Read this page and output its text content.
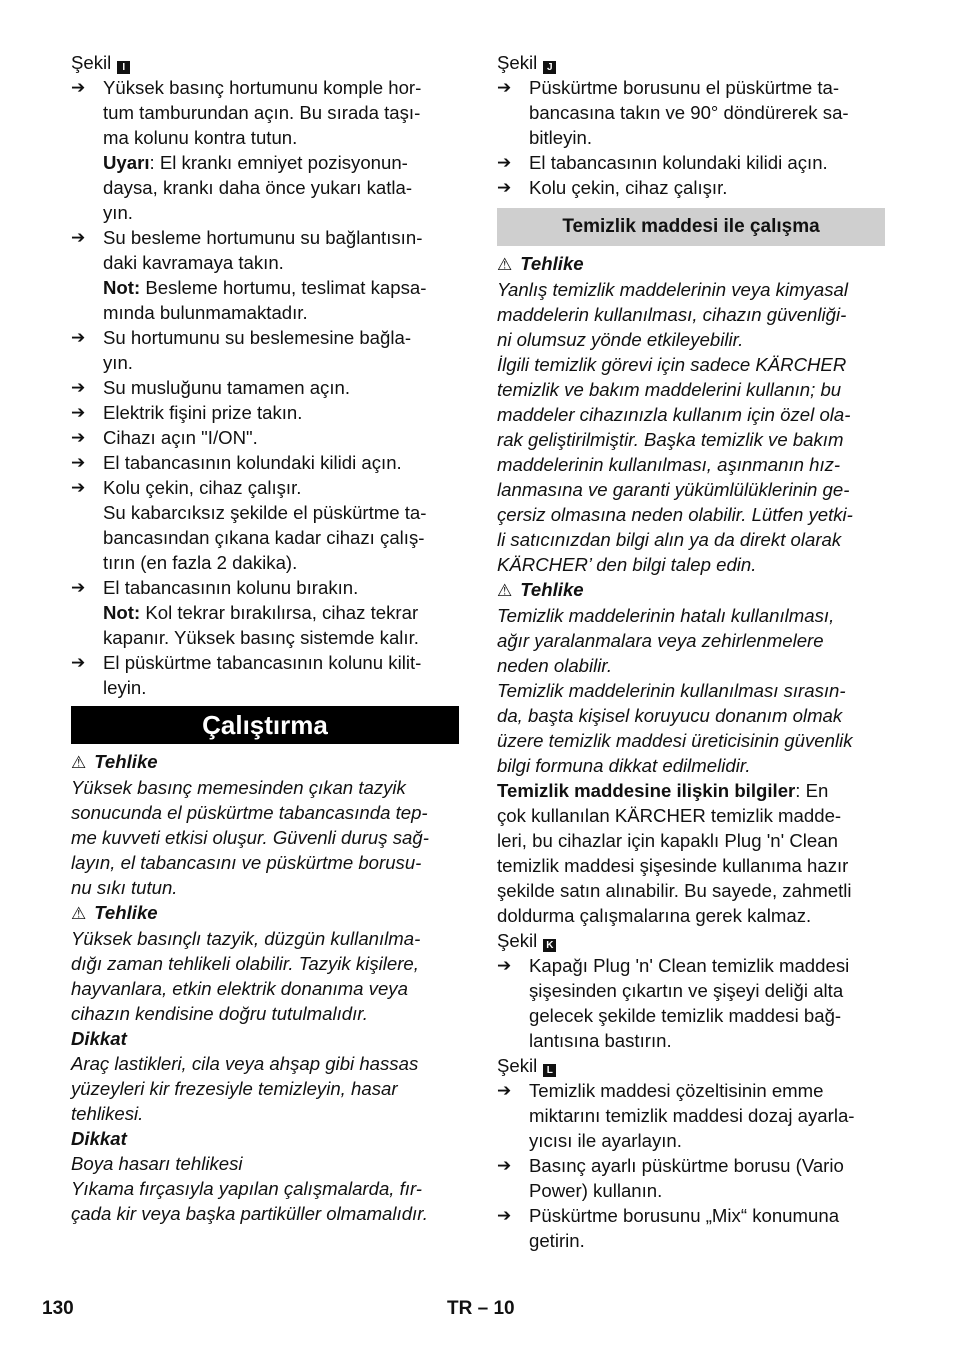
Şekil I
➔ Yüksek basınç hortumunu komple hor-
tum tamburundan açın. Bu sırada taşı-
ma kolunu kontra tutun.
Uyarı: El krankı emniyet pozisyonun-
daysa, krankı daha önce yukarı katla-
yın.
➔ Su besleme hortumunu su bağlantısın-
daki kavramaya takın.
Not: Besleme hortumu, teslimat kapsa-
mında bulunmamaktadır.
➔ Su hortumunu su beslemesine bağla-
yın.
➔ Su musluğunu tamamen açın.
➔ Elektrik fişini prize takın.
➔ Cihazı açın "I/ON".
➔ El tabancasının kolundaki kilidi açın.
➔ Kolu çekin, cihaz çalışır.
Su kabarcıksız şekilde el püskürtme ta-
bancasından çıkana kadar cihazı çalış-
tırın (en fazla 2 dakika).
➔ El tabancasının kolunu bırakın.
Not: Kol tekrar bırakılırsa, cihaz tekrar
kapanır. Yüksek basınç sistemde kalır.
➔ El püskürtme tabancasının kolunu kilit-
leyin.
Çalıştırma
⚠ Tehlike
Yüksek basınç memesinden çıkan tazyik
sonucunda el püskürtme tabancasında tep-
me kuvveti etkisi oluşur. Güvenli duruş sağ-
layın, el tabancasını ve püskürtme borusu-
nu sıkı tutun.
⚠ Tehlike
Yüksek basınçlı tazyik, düzgün kullanılma-
dığı zaman tehlikeli olabilir. Tazyik kişilere,
hayvanlara, etkin elektrik donanıma veya
cihazın kendisine doğru tutulmalıdır.
Dikkat
Araç lastikleri, cila veya ahşap gibi hassas
yüzeyleri kir frezesiyle temizleyin, hasar
tehlikesi.
Dikkat
Boya hasarı tehlikesi
Yıkama fırçasıyla yapılan çalışmalarda, fır-
çada kir veya başka partiküller olmamalıdır.
Şekil J
➔ Püskürtme borusunu el püskürtme ta-
bancasına takın ve 90° döndürerek sa-
bitleyin.
➔ El tabancasının kolundaki kilidi açın.
➔ Kolu çekin, cihaz çalışır.
Temizlik maddesi ile çalışma
⚠ Tehlike
Yanlış temizlik maddelerinin veya kimyasal
maddelerin kullanılması, cihazın güvenliği-
ni olumsuz yönde etkileyebilir.
İlgili temizlik görevi için sadece KÄRCHER
temizlik ve bakım maddelerini kullanın; bu
maddeler cihazınızla kullanım için özel ola-
rak geliştirilmiştir. Başka temizlik ve bakım
maddelerinin kullanılması, aşınmanın hız-
lanmasına ve garanti yükümlülüklerinin ge-
çersiz olmasına neden olabilir. Lütfen yetki-
li satıcınızdan bilgi alın ya da direkt olarak
KÄRCHER’ den bilgi talep edin.
⚠ Tehlike
Temizlik maddelerinin hatalı kullanılması,
ağır yaralanmalara veya zehirlenmelere
neden olabilir.
Temizlik maddelerinin kullanılması sırasın-
da, başta kişisel koruyucu donanım olmak
üzere temizlik maddesi üreticisinin güvenlik
bilgi formuna dikkat edilmelidir.
Temizlik maddesine ilişkin bilgiler: En
çok kullanılan KÄRCHER temizlik madde-
leri, bu cihazlar için kapaklı Plug 'n' Clean
temizlik maddesi şişesinde kullanıma hazır
şekilde satın alınabilir. Bu sayede, zahmetli
doldurma çalışmalarına gerek kalmaz.
Şekil K
➔ Kapağı Plug 'n' Clean temizlik maddesi
şişesinden çıkartın ve şişeyi deliği alta
gelecek şekilde temizlik maddesi bağ-
lantısına bastırın.
Şekil L
➔ Temizlik maddesi çözeltisinin emme
miktarını temizlik maddesi dozaj ayarla-
yıcısı ile ayarlayın.
➔ Basınç ayarlı püskürtme borusu (Vario
Power) kullanın.
➔ Püskürtme borusunu „Mix“ konumuna
getirin.
130	TR – 10
